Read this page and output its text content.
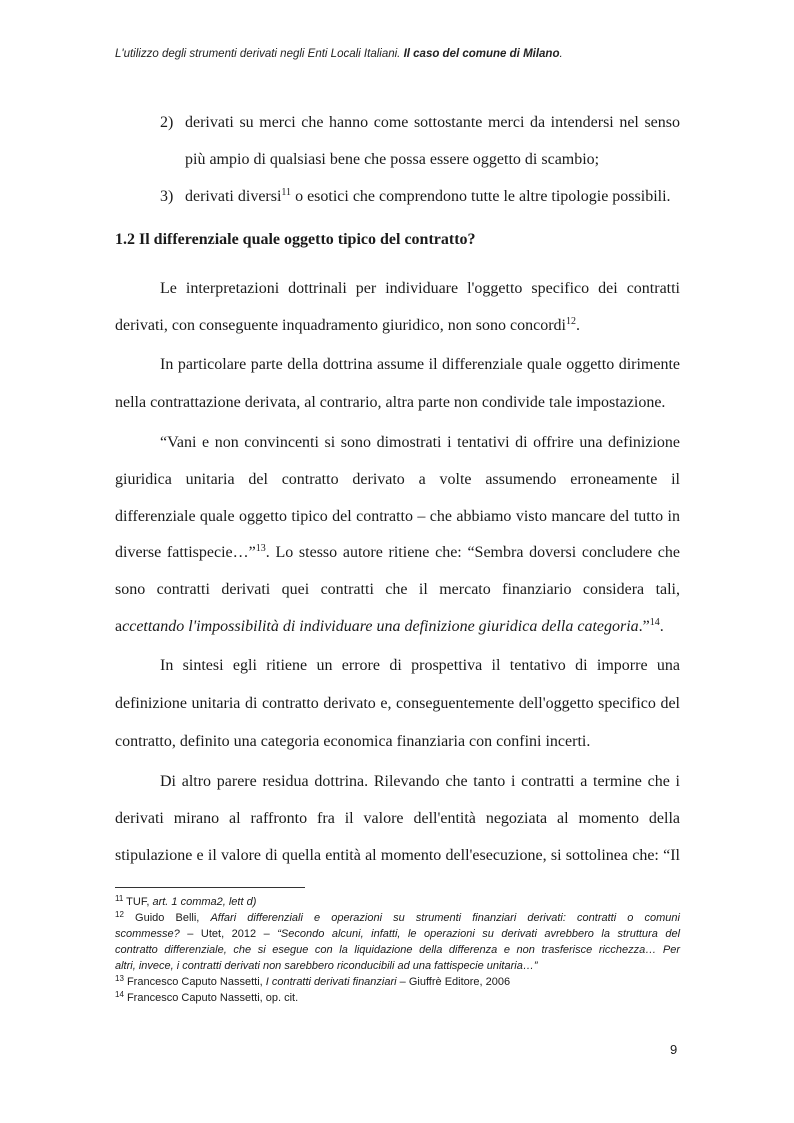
L'utilizzo degli strumenti derivati negli Enti Locali Italiani. Il caso del comune di Milano.
2) derivati su merci che hanno come sottostante merci da intendersi nel senso
più ampio di qualsiasi bene che possa essere oggetto di scambio;
3) derivati diversi$^{11}$ o esotici che comprendono tutte le altre tipologie possibili.
1.2 Il differenziale quale oggetto tipico del contratto?
Le interpretazioni dottrinali per individuare l'oggetto specifico dei contratti
derivati, con conseguente inquadramento giuridico, non sono concordi$^{12}$.
In particolare parte della dottrina assume il differenziale quale oggetto dirimente
nella contrattazione derivata, al contrario, altra parte non condivide tale impostazione.
“Vani e non convincenti si sono dimostrati i tentativi di offrire una definizione
giuridica unitaria del contratto derivato a volte assumendo erroneamente il
differenziale quale oggetto tipico del contratto – che abbiamo visto mancare del tutto in
diverse fattispecie…”$^{13}$. Lo stesso autore ritiene che: “Sembra doversi concludere che
sono contratti derivati quei contratti che il mercato finanziario considera tali,
accettando l'impossibilità di individuare una definizione giuridica della categoria.”$^{14}$.
In sintesi egli ritiene un errore di prospettiva il tentativo di imporre una
definizione unitaria di contratto derivato e, conseguentemente dell'oggetto specifico del
contratto, definito una categoria economica finanziaria con confini incerti.
Di altro parere residua dottrina. Rilevando che tanto i contratti a termine che i
derivati mirano al raffronto fra il valore dell'entità negoziata al momento della
stipulazione e il valore di quella entità al momento dell'esecuzione, si sottolinea che: “Il
$^{11}$ TUF, art. 1 comma2, lett d)
$^{12}$ Guido Belli, Affari differenziali e operazioni su strumenti finanziari derivati: contratti o comuni
scommesse? – Utet, 2012 – “Secondo alcuni, infatti, le operazioni su derivati avrebbero la struttura del
contratto differenziale, che si esegue con la liquidazione della differenza e non trasferisce ricchezza… Per
altri, invece, i contratti derivati non sarebbero riconducibili ad una fattispecie unitaria…”
$^{13}$ Francesco Caputo Nassetti, I contratti derivati finanziari – Giuffrè Editore, 2006
$^{14}$ Francesco Caputo Nassetti, op. cit.
9
